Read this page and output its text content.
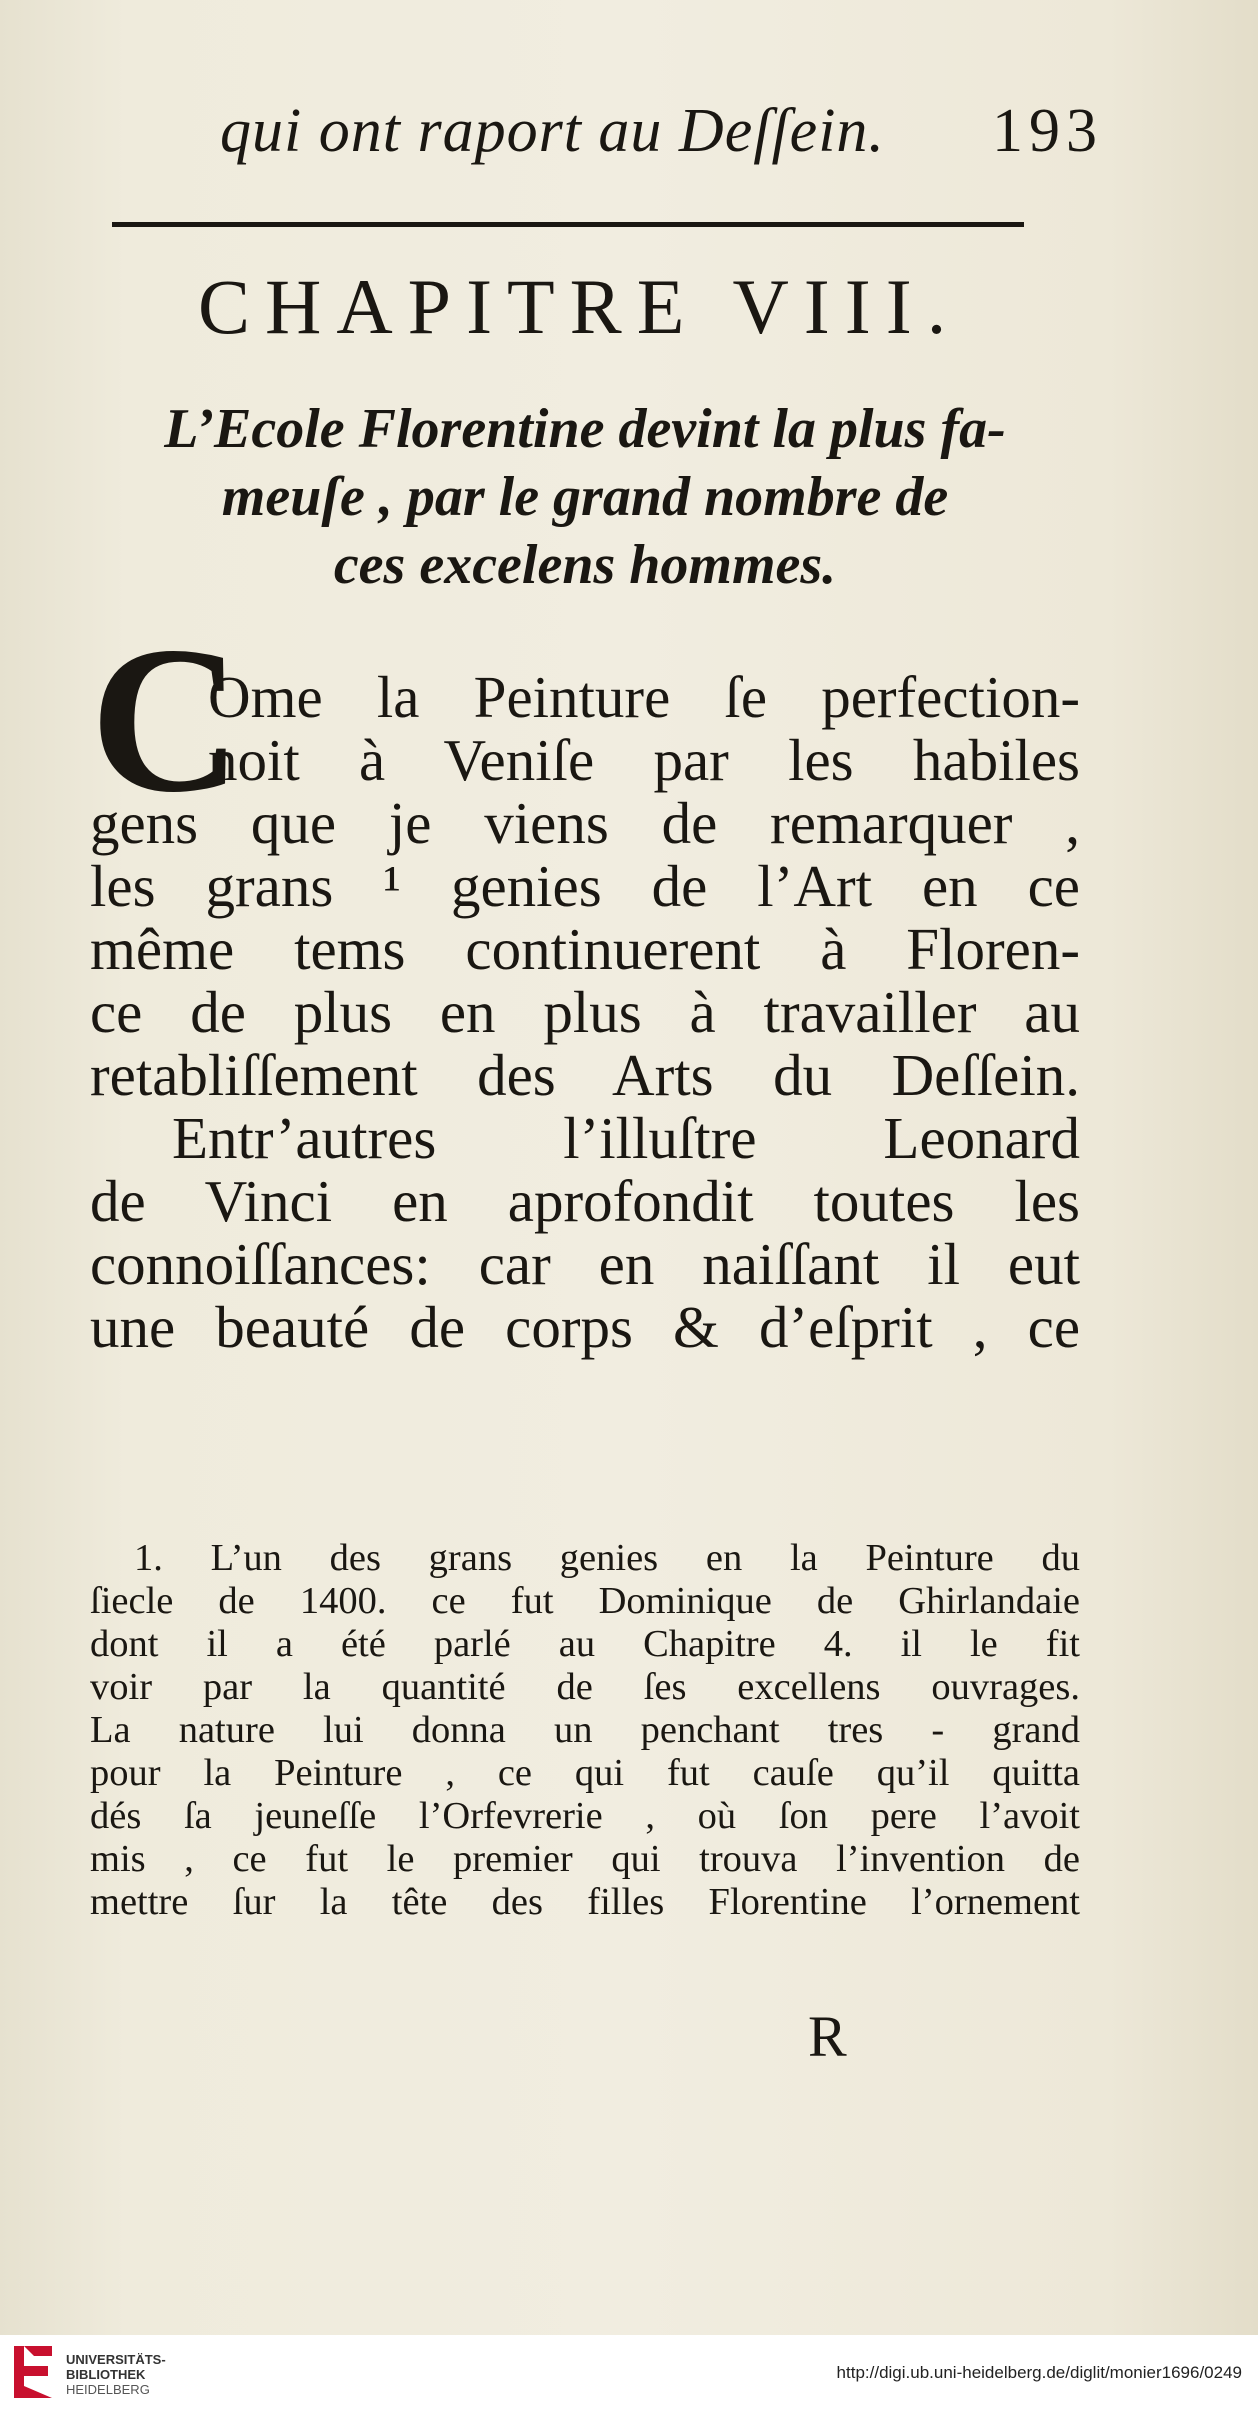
qui ont raport au Deſſein. 193
CHAPITRE VIII.
L’Ecole Florentine devint la plus fa-
meuſe , par le grand nombre de
ces excelens hommes.
C
Ome la Peinture ſe perfection-
noit à Veniſe par les habiles
gens que je viens de remarquer ,
les grans ¹ genies de l’Art en ce
même tems continuerent à Floren-
ce de plus en plus à travailler au
retabliſſement des Arts du Deſſein.
Entr’autres l’illuſtre Leonard
de Vinci en aprofondit toutes les
connoiſſances: car en naiſſant il eut
une beauté de corps & d’eſprit , ce
1. L’un des grans genies en la Peinture du
ſiecle de 1400. ce fut Dominique de Ghirlandaie
dont il a été parlé au Chapitre 4. il le fit
voir par la quantité de ſes excellens ouvrages.
La nature lui donna un penchant tres - grand
pour la Peinture , ce qui fut cauſe qu’il quitta
dés ſa jeuneſſe l’Orfevrerie , où ſon pere l’avoit
mis , ce fut le premier qui trouva l’invention de
mettre ſur la tête des filles Florentine l’ornement
R
UNIVERSITÄTS-
BIBLIOTHEK
HEIDELBERG
http://digi.ub.uni-heidelberg.de/diglit/monier1696/0249
